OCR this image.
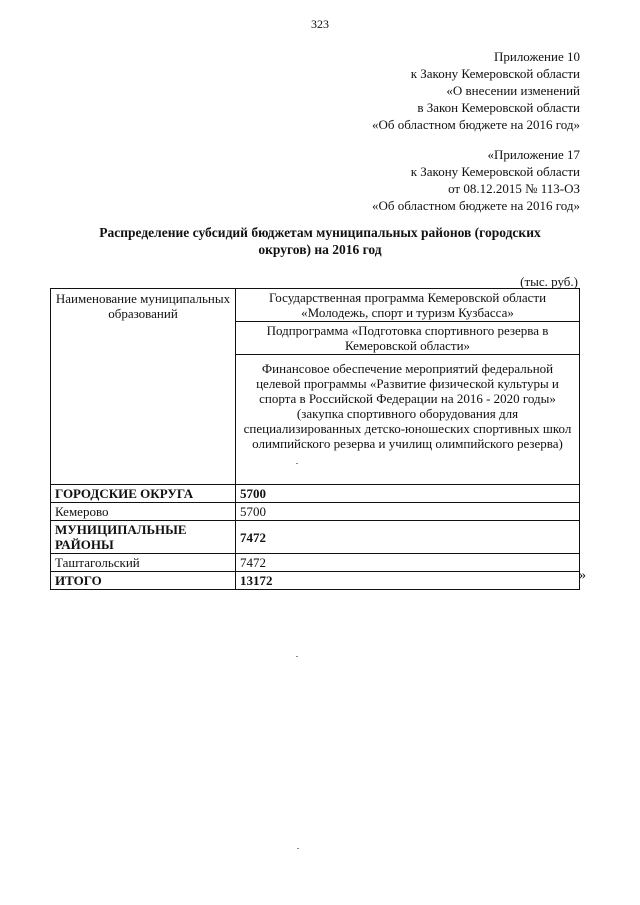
323
Приложение 10
к Закону Кемеровской области
«О внесении изменений
в Закон Кемеровской области
«Об областном бюджете на 2016 год»
«Приложение 17
к Закону Кемеровской области
от 08.12.2015 № 113-ОЗ
«Об областном бюджете на 2016 год»
Распределение субсидий бюджетам муниципальных районов (городских
округов) на 2016 год
(тыс. руб.)
Наименование муниципальных образований	Государственная программа Кемеровской области «Молодежь, спорт и туризм Кузбасса»
	Подпрограмма «Подготовка спортивного резерва в Кемеровской области»
	Финансовое обеспечение мероприятий федеральной целевой программы «Развитие физической культуры и спорта в Российской Федерации на 2016 - 2020 годы» (закупка спортивного оборудования для специализированных детско-юношеских спортивных школ олимпийского резерва и училищ олимпийского резерва)
ГОРОДСКИЕ ОКРУГА	5700
Кемерово	5700
МУНИЦИПАЛЬНЫЕ РАЙОНЫ	7472
Таштагольский	7472
ИТОГО	13172	»
